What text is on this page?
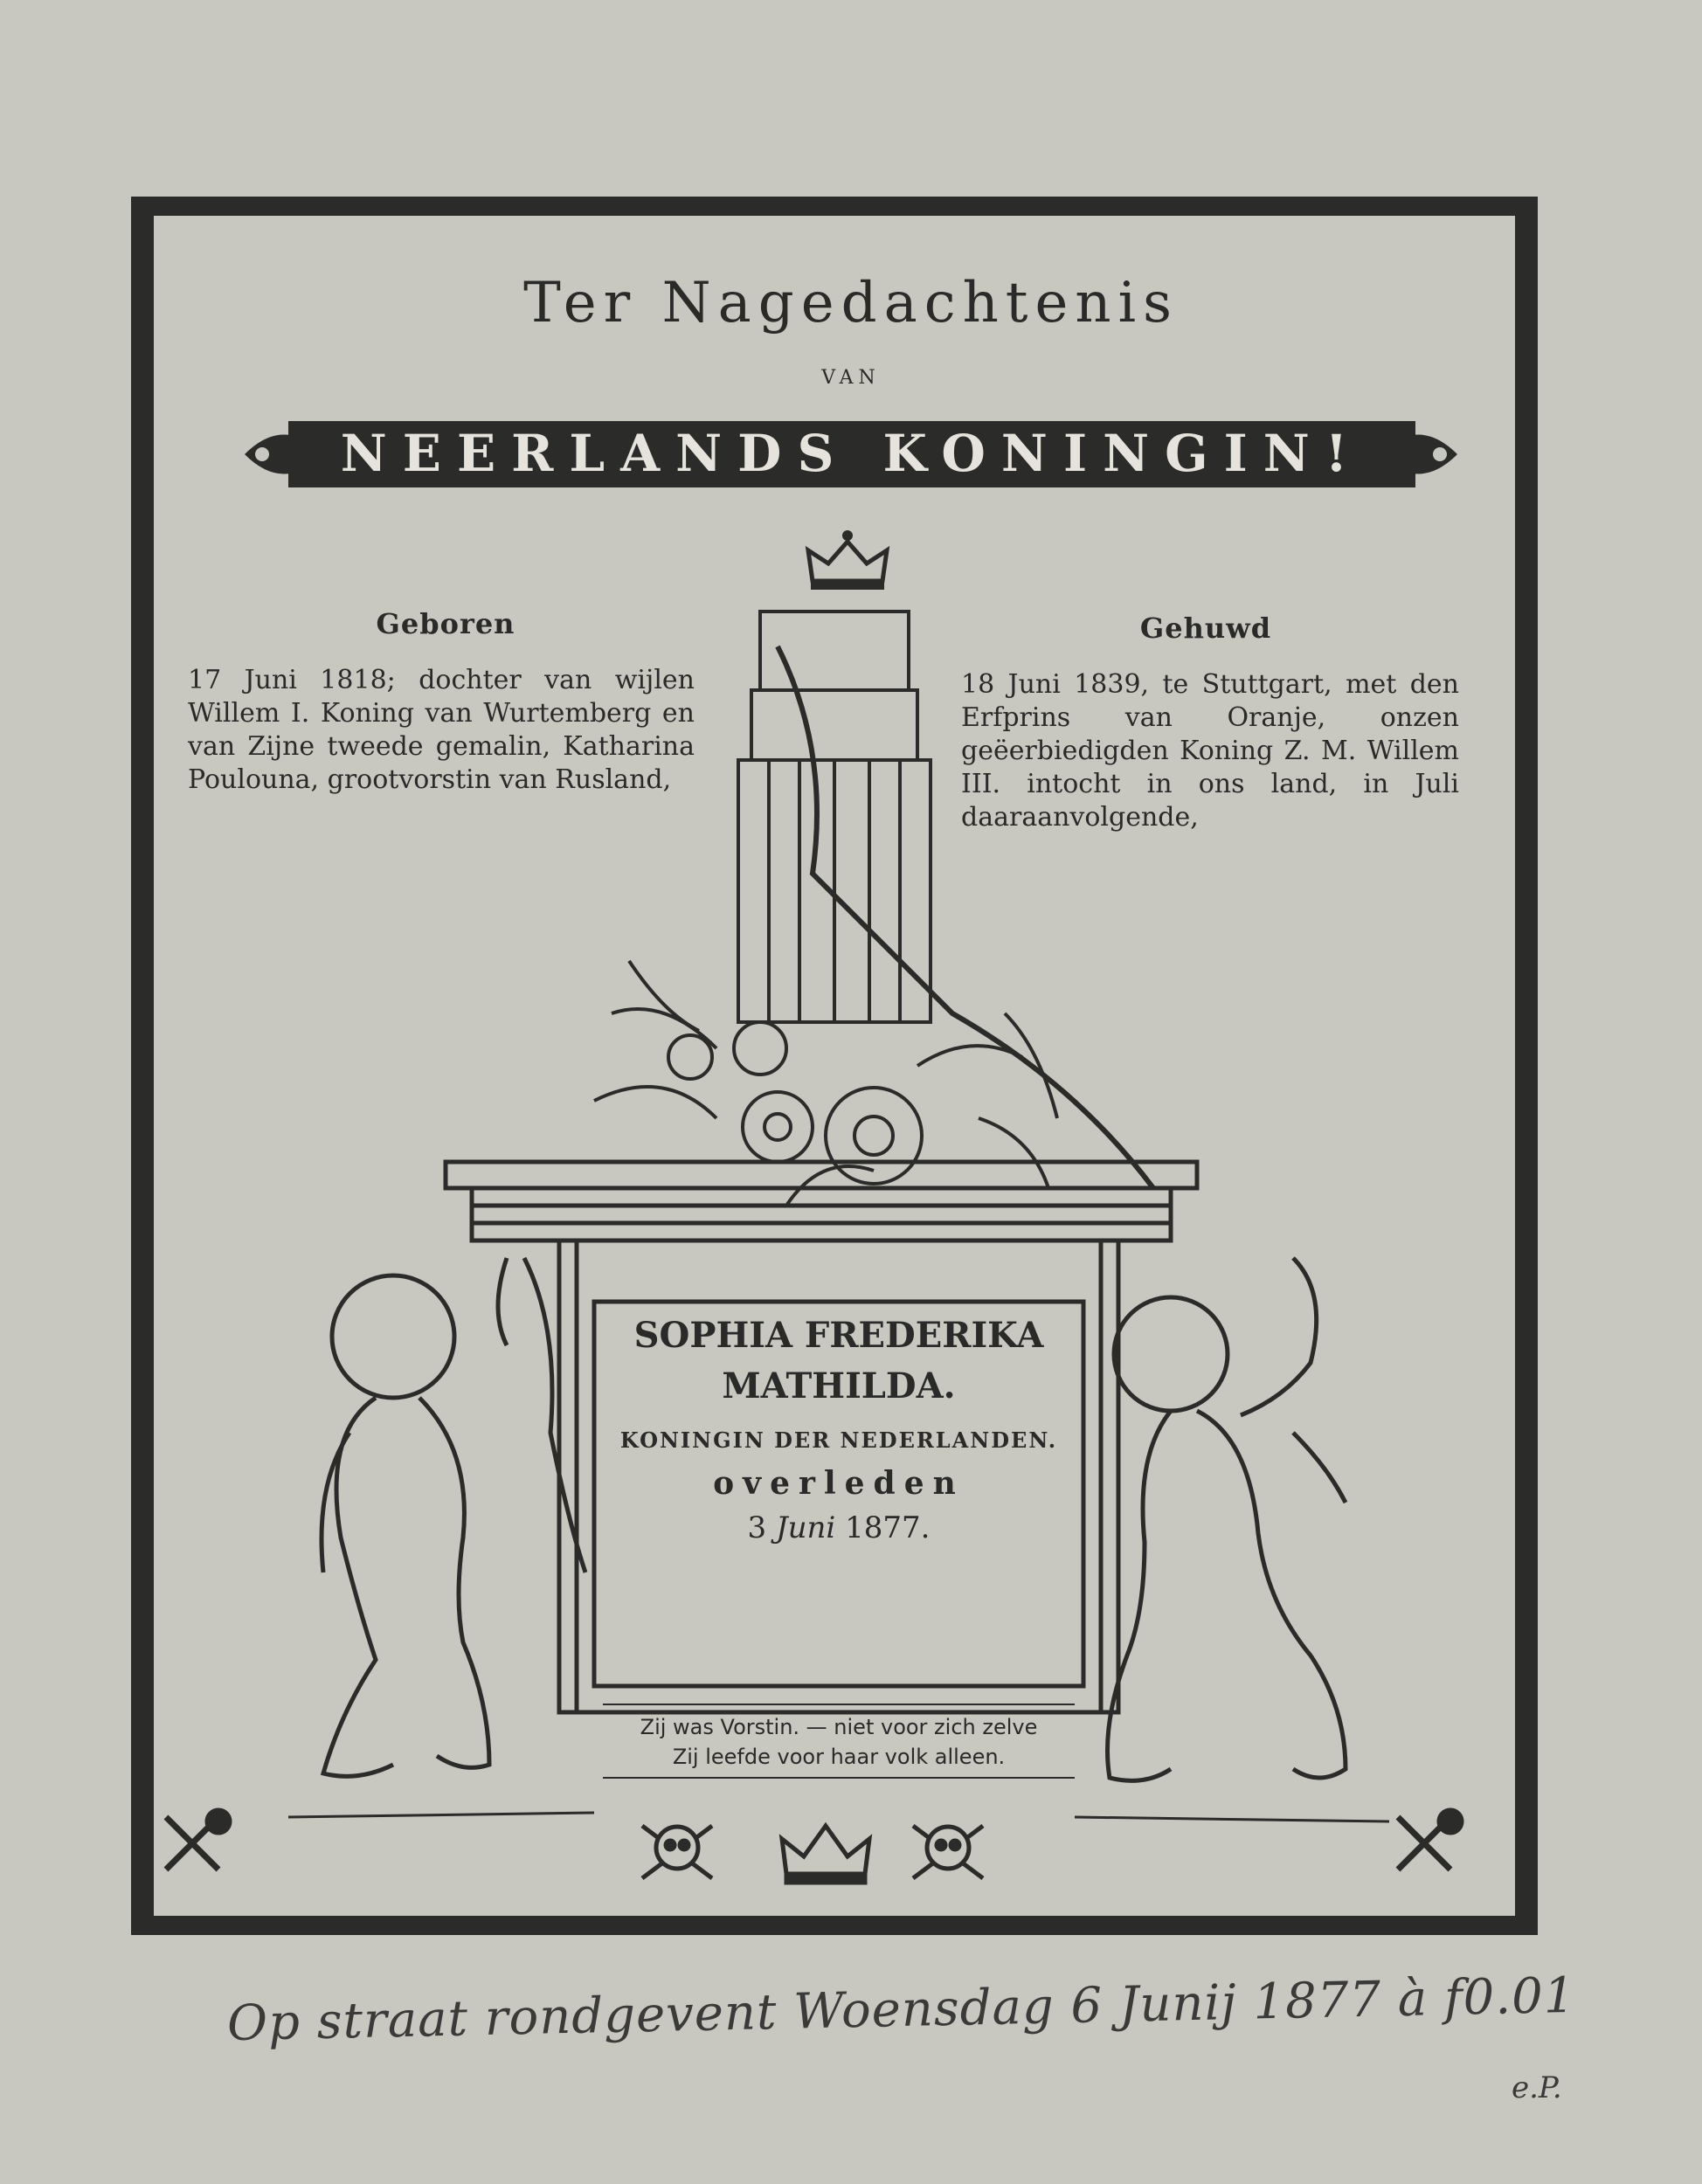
Ter Nagedachtenis
VAN
NEERLANDS KONINGIN!
Geboren
17 Juni 1818; dochter van wijlen Willem I. Koning van Wurtemberg en van Zijne tweede gemalin, Katharina Poulouna, grootvorstin van Rusland,
Gehuwd
18 Juni 1839, te Stuttgart, met den Erfprins van Oranje, onzen geëerbiedigden Koning Z. M. Willem III. intocht in ons land, in Juli daaraanvolgende,
SOPHIA FREDERIKA
MATHILDA.
KONINGIN DER NEDERLANDEN.
overleden
3 Juni 1877.
Zij was Vorstin. — niet voor zich zelve
Zij leefde voor haar volk alleen.
Op straat rondgevent Woensdag 6 Junij 1877 à f0.01
e.P.
